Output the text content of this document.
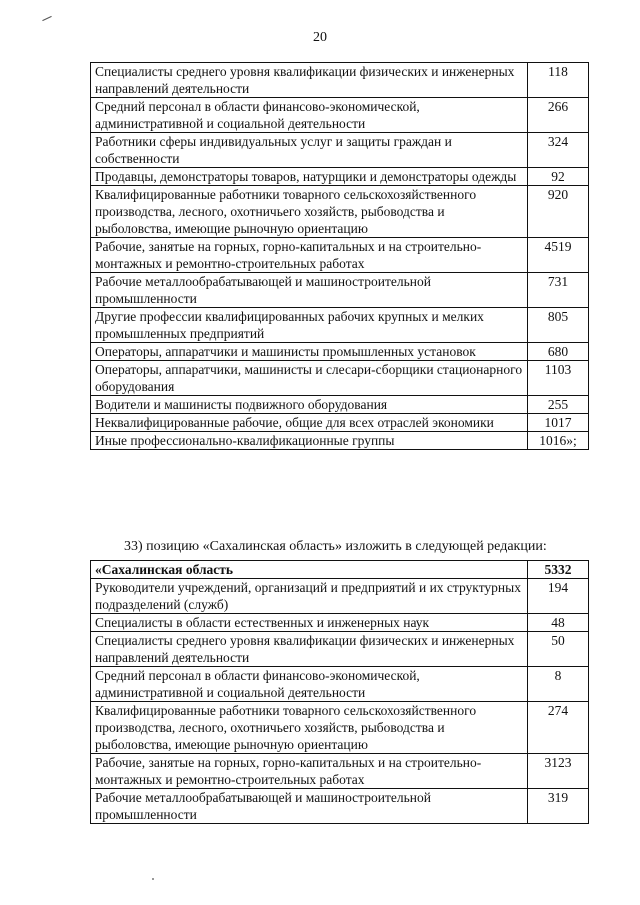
20
Специалисты среднего уровня квалификации физических и инженерных направлений деятельности	118
Средний персонал в области финансово-экономической, административной и социальной деятельности	266
Работники сферы индивидуальных услуг и защиты граждан и собственности	324
Продавцы, демонстраторы товаров, натурщики и демонстраторы одежды	92
Квалифицированные работники товарного сельскохозяйственного производства, лесного, охотничьего хозяйств, рыбоводства и рыболовства, имеющие рыночную ориентацию	920
Рабочие, занятые на горных, горно-капитальных и на строительно-монтажных и ремонтно-строительных работах	4519
Рабочие металлообрабатывающей и машиностроительной промышленности	731
Другие профессии квалифицированных рабочих крупных и мелких промышленных предприятий	805
Операторы, аппаратчики и машинисты промышленных установок	680
Операторы, аппаратчики, машинисты и слесари-сборщики стационарного оборудования	1103
Водители и машинисты подвижного оборудования	255
Неквалифицированные рабочие, общие для всех отраслей экономики	1017
Иные профессионально-квалификационные группы	1016»;
33) позицию «Сахалинская область» изложить в следующей редакции:
«Сахалинская область	5332
Руководители учреждений, организаций и предприятий и их структурных подразделений (служб)	194
Специалисты в области естественных и инженерных наук	48
Специалисты среднего уровня квалификации физических и инженерных направлений деятельности	50
Средний персонал в области финансово-экономической, административной и социальной деятельности	8
Квалифицированные работники товарного сельскохозяйственного производства, лесного, охотничьего хозяйств, рыбоводства и рыболовства, имеющие рыночную ориентацию	274
Рабочие, занятые на горных, горно-капитальных и на строительно-монтажных и ремонтно-строительных работах	3123
Рабочие металлообрабатывающей и машиностроительной промышленности	319
